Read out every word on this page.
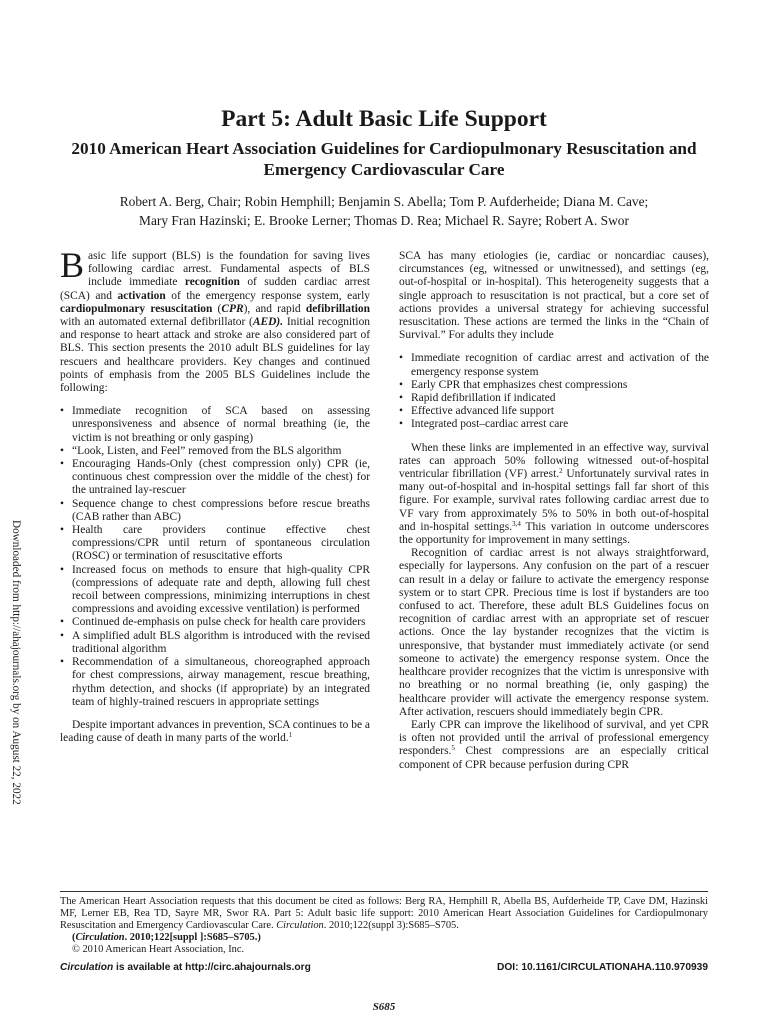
Downloaded from http://ahajournals.org by on August 22, 2022
Part 5: Adult Basic Life Support
2010 American Heart Association Guidelines for Cardiopulmonary Resuscitation and Emergency Cardiovascular Care
Robert A. Berg, Chair; Robin Hemphill; Benjamin S. Abella; Tom P. Aufderheide; Diana M. Cave;
Mary Fran Hazinski; E. Brooke Lerner; Thomas D. Rea; Michael R. Sayre; Robert A. Swor

Basic life support (BLS) is the foundation for saving lives following cardiac arrest. Fundamental aspects of BLS include immediate recognition of sudden cardiac arrest (SCA) and activation of the emergency response system, early cardiopulmonary resuscitation (CPR), and rapid defibrillation with an automated external defibrillator (AED). Initial recognition and response to heart attack and stroke are also considered part of BLS. This section presents the 2010 adult BLS guidelines for lay rescuers and healthcare providers. Key changes and continued points of emphasis from the 2005 BLS Guidelines include the following:

• Immediate recognition of SCA based on assessing unresponsiveness and absence of normal breathing (ie, the victim is not breathing or only gasping)
• “Look, Listen, and Feel” removed from the BLS algorithm
• Encouraging Hands-Only (chest compression only) CPR (ie, continuous chest compression over the middle of the chest) for the untrained lay-rescuer
• Sequence change to chest compressions before rescue breaths (CAB rather than ABC)
• Health care providers continue effective chest compressions/CPR until return of spontaneous circulation (ROSC) or termination of resuscitative efforts
• Increased focus on methods to ensure that high-quality CPR (compressions of adequate rate and depth, allowing full chest recoil between compressions, minimizing interruptions in chest compressions and avoiding excessive ventilation) is performed
• Continued de-emphasis on pulse check for health care providers
• A simplified adult BLS algorithm is introduced with the revised traditional algorithm
• Recommendation of a simultaneous, choreographed approach for chest compressions, airway management, rescue breathing, rhythm detection, and shocks (if appropriate) by an integrated team of highly-trained rescuers in appropriate settings

Despite important advances in prevention, SCA continues to be a leading cause of death in many parts of the world.$^1$

SCA has many etiologies (ie, cardiac or noncardiac causes), circumstances (eg, witnessed or unwitnessed), and settings (eg, out-of-hospital or in-hospital). This heterogeneity suggests that a single approach to resuscitation is not practical, but a core set of actions provides a universal strategy for achieving successful resuscitation. These actions are termed the links in the “Chain of Survival.” For adults they include

• Immediate recognition of cardiac arrest and activation of the emergency response system
• Early CPR that emphasizes chest compressions
• Rapid defibrillation if indicated
• Effective advanced life support
• Integrated post–cardiac arrest care

When these links are implemented in an effective way, survival rates can approach 50% following witnessed out-of-hospital ventricular fibrillation (VF) arrest.$^2$ Unfortunately survival rates in many out-of-hospital and in-hospital settings fall far short of this figure. For example, survival rates following cardiac arrest due to VF vary from approximately 5% to 50% in both out-of-hospital and in-hospital settings.$^{3,4}$ This variation in outcome underscores the opportunity for improvement in many settings.

Recognition of cardiac arrest is not always straightforward, especially for laypersons. Any confusion on the part of a rescuer can result in a delay or failure to activate the emergency response system or to start CPR. Precious time is lost if bystanders are too confused to act. Therefore, these adult BLS Guidelines focus on recognition of cardiac arrest with an appropriate set of rescuer actions. Once the lay bystander recognizes that the victim is unresponsive, that bystander must immediately activate (or send someone to activate) the emergency response system. Once the healthcare provider recognizes that the victim is unresponsive with no breathing or no normal breathing (ie, only gasping) the healthcare provider will activate the emergency response system. After activation, rescuers should immediately begin CPR.

Early CPR can improve the likelihood of survival, and yet CPR is often not provided until the arrival of professional emergency responders.$^5$ Chest compressions are an especially critical component of CPR because perfusion during CPR

The American Heart Association requests that this document be cited as follows: Berg RA, Hemphill R, Abella BS, Aufderheide TP, Cave DM, Hazinski MF, Lerner EB, Rea TD, Sayre MR, Swor RA. Part 5: Adult basic life support: 2010 American Heart Association Guidelines for Cardiopulmonary Resuscitation and Emergency Cardiovascular Care. Circulation. 2010;122(suppl 3):S685–S705.

(Circulation. 2010;122[suppl ]:S685–S705.)

© 2010 American Heart Association, Inc.

Circulation is available at http://circ.ahajournals.org	DOI: 10.1161/CIRCULATIONAHA.110.970939
S685
